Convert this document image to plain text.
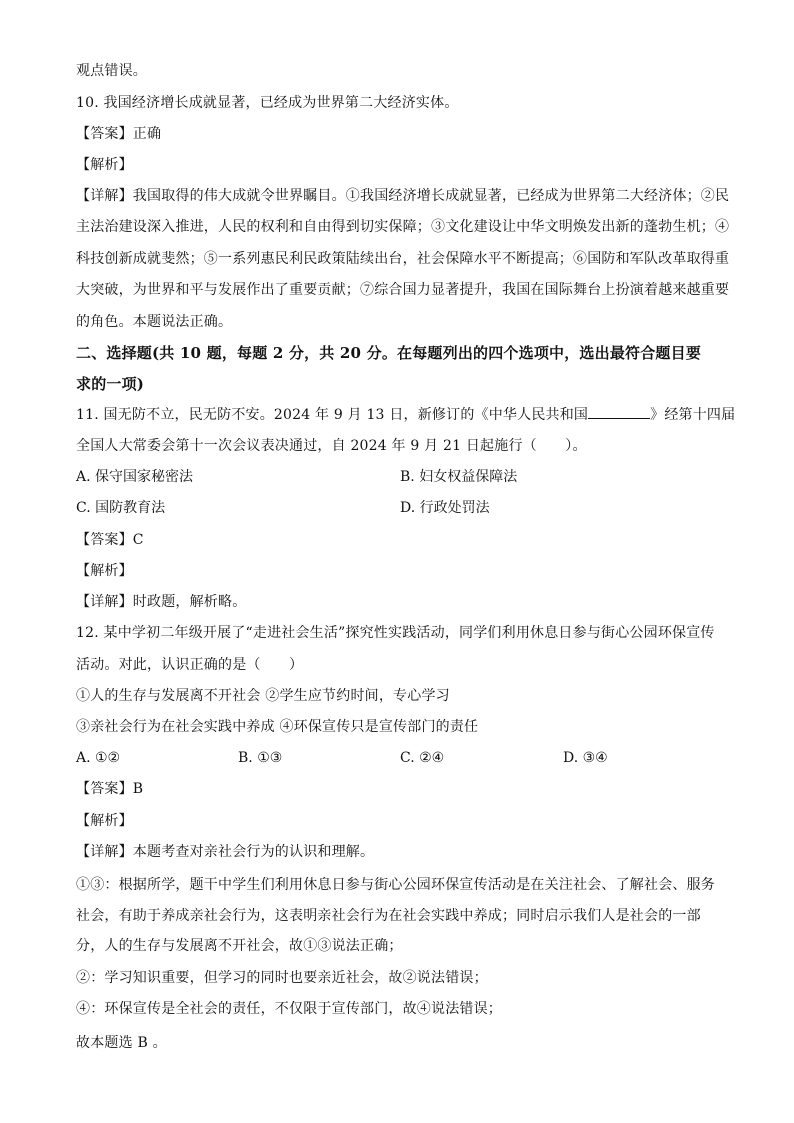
观点错误。
10. 我国经济增长成就显著，已经成为世界第二大经济实体。
【答案】正确
【解析】
【详解】我国取得的伟大成就令世界瞩目。①我国经济增长成就显著，已经成为世界第二大经济体；②民
主法治建设深入推进，人民的权利和自由得到切实保障；③文化建设让中华文明焕发出新的蓬勃生机；④
科技创新成就斐然；⑤一系列惠民利民政策陆续出台，社会保障水平不断提高；⑥国防和军队改革取得重
大突破，为世界和平与发展作出了重要贡献；⑦综合国力显著提升，我国在国际舞台上扮演着越来越重要
的角色。本题说法正确。
二、选择题(共 10 题，每题 2 分，共 20 分。在每题列出的四个选项中，选出最符合题目要
求的一项)
11. 国无防不立，民无防不安。2024 年 9 月 13 日，新修订的《中华人民共和国	》经第十四届
全国人大常委会第十一次会议表决通过，自 2024 年 9 月 21 日起施行（　　）。
A. 保守国家秘密法	B. 妇女权益保障法
C. 国防教育法	D. 行政处罚法
【答案】C
【解析】
【详解】时政题，解析略。
12. 某中学初二年级开展了“走进社会生活”探究性实践活动，同学们利用休息日参与街心公园环保宣传
活动。对此，认识正确的是（　　）
①人的生存与发展离不开社会 ②学生应节约时间，专心学习
③亲社会行为在社会实践中养成 ④环保宣传只是宣传部门的责任
A. ①②	B. ①③	C. ②④	D. ③④
【答案】B
【解析】
【详解】本题考查对亲社会行为的认识和理解。
①③：根据所学，题干中学生们利用休息日参与街心公园环保宣传活动是在关注社会、了解社会、服务
社会，有助于养成亲社会行为，这表明亲社会行为在社会实践中养成；同时启示我们人是社会的一部
分，人的生存与发展离不开社会，故①③说法正确；
②：学习知识重要，但学习的同时也要亲近社会，故②说法错误；
④：环保宣传是全社会的责任，不仅限于宣传部门，故④说法错误；
故本题选 B 。
